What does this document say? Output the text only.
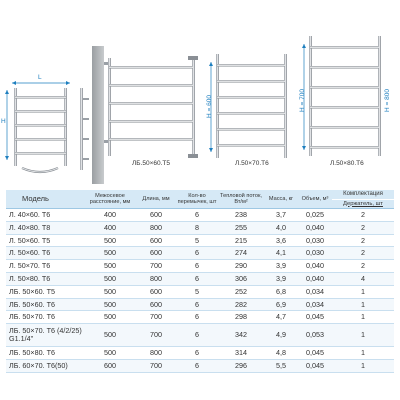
L
H
H = 600	H = 700	H = 800
ЛБ.50×60.Т5	Л.50×70.Т6	Л.50×80.Т6
Модель	Межосевое расстояние, мм	Длина, мм	Кол-во перемычек, шт	Тепловой поток, Вт/м²	Масса, кг	Объем, м³	Комплектация
							Держатель, шт
Л. 40×60. Т6	400	600	6	238	3,7	0,025	2
Л. 40×80. Т8	400	800	8	255	4,0	0,040	2
Л. 50×60. Т5	500	600	5	215	3,6	0,030	2
Л. 50×60. Т6	500	600	6	274	4,1	0,030	2
Л. 50×70. Т6	500	700	6	290	3,9	0,040	2
Л. 50×80. Т6	500	800	6	306	3,9	0,040	4
ЛБ. 50×60. Т5	500	600	5	252	6,8	0,034	1
ЛБ. 50×60. Т6	500	600	6	282	6,9	0,034	1
ЛБ. 50×70. Т6	500	700	6	298	4,7	0,045	1
ЛБ. 50×70. Т6 (4/2/25) G1.1/4"	500	700	6	342	4,9	0,053	1
ЛБ. 50×80. Т6	500	800	6	314	4,8	0,045	1
ЛБ. 60×70. Т6(50)	600	700	6	296	5,5	0,045	1
